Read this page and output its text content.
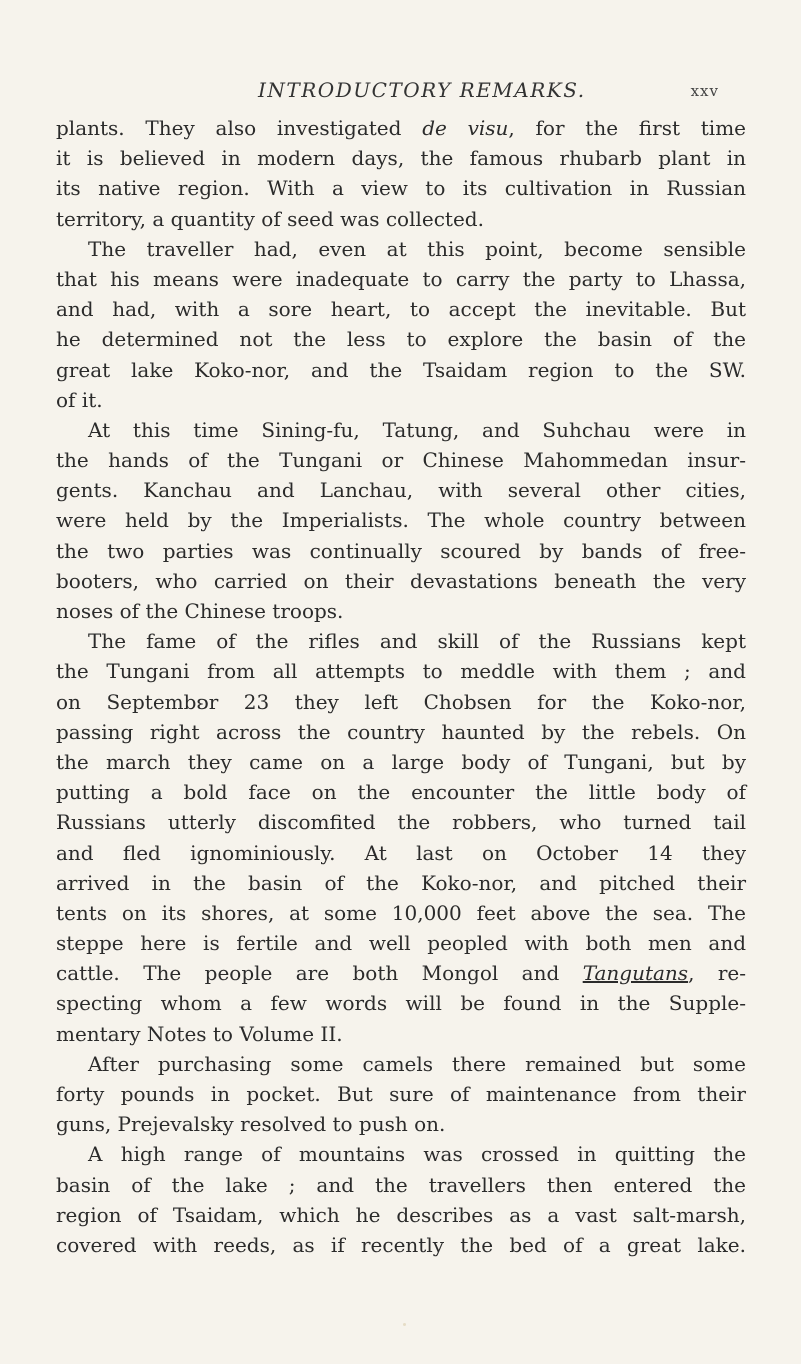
INTRODUCTORY REMARKS.	xxv
plants. They also investigated de visu, for the first time
it is believed in modern days, the famous rhubarb plant in
its native region. With a view to its cultivation in Russian
territory, a quantity of seed was collected.
The traveller had, even at this point, become sensible
that his means were inadequate to carry the party to Lhassa,
and had, with a sore heart, to accept the inevitable. But
he determined not the less to explore the basin of the
great lake Koko-nor, and the Tsaidam region to the SW.
of it.
At this time Sining-fu, Tatung, and Suhchau were in
the hands of the Tungani or Chinese Mahommedan insur-
gents. Kanchau and Lanchau, with several other cities,
were held by the Imperialists. The whole country between
the two parties was continually scoured by bands of free-
booters, who carried on their devastations beneath the very
noses of the Chinese troops.
The fame of the rifles and skill of the Russians kept
the Tungani from all attempts to meddle with them ; and
on Septembʚr 23 they left Chobsen for the Koko-nor,
passing right across the country haunted by the rebels. On
the march they came on a large body of Tungani, but by
putting a bold face on the encounter the little body of
Russians utterly discomfited the robbers, who turned tail
and fled ignominiously. At last on October 14 they
arrived in the basin of the Koko-nor, and pitched their
tents on its shores, at some 10,000 feet above the sea. The
steppe here is fertile and well peopled with both men and
cattle. The people are both Mongol and Tangutans, re-
specting whom a few words will be found in the Supple-
mentary Notes to Volume II.
After purchasing some camels there remained but some
forty pounds in pocket. But sure of maintenance from their
guns, Prejevalsky resolved to push on.
A high range of mountains was crossed in quitting the
basin of the lake ; and the travellers then entered the
region of Tsaidam, which he describes as a vast salt-marsh,
covered with reeds, as if recently the bed of a great lake.
